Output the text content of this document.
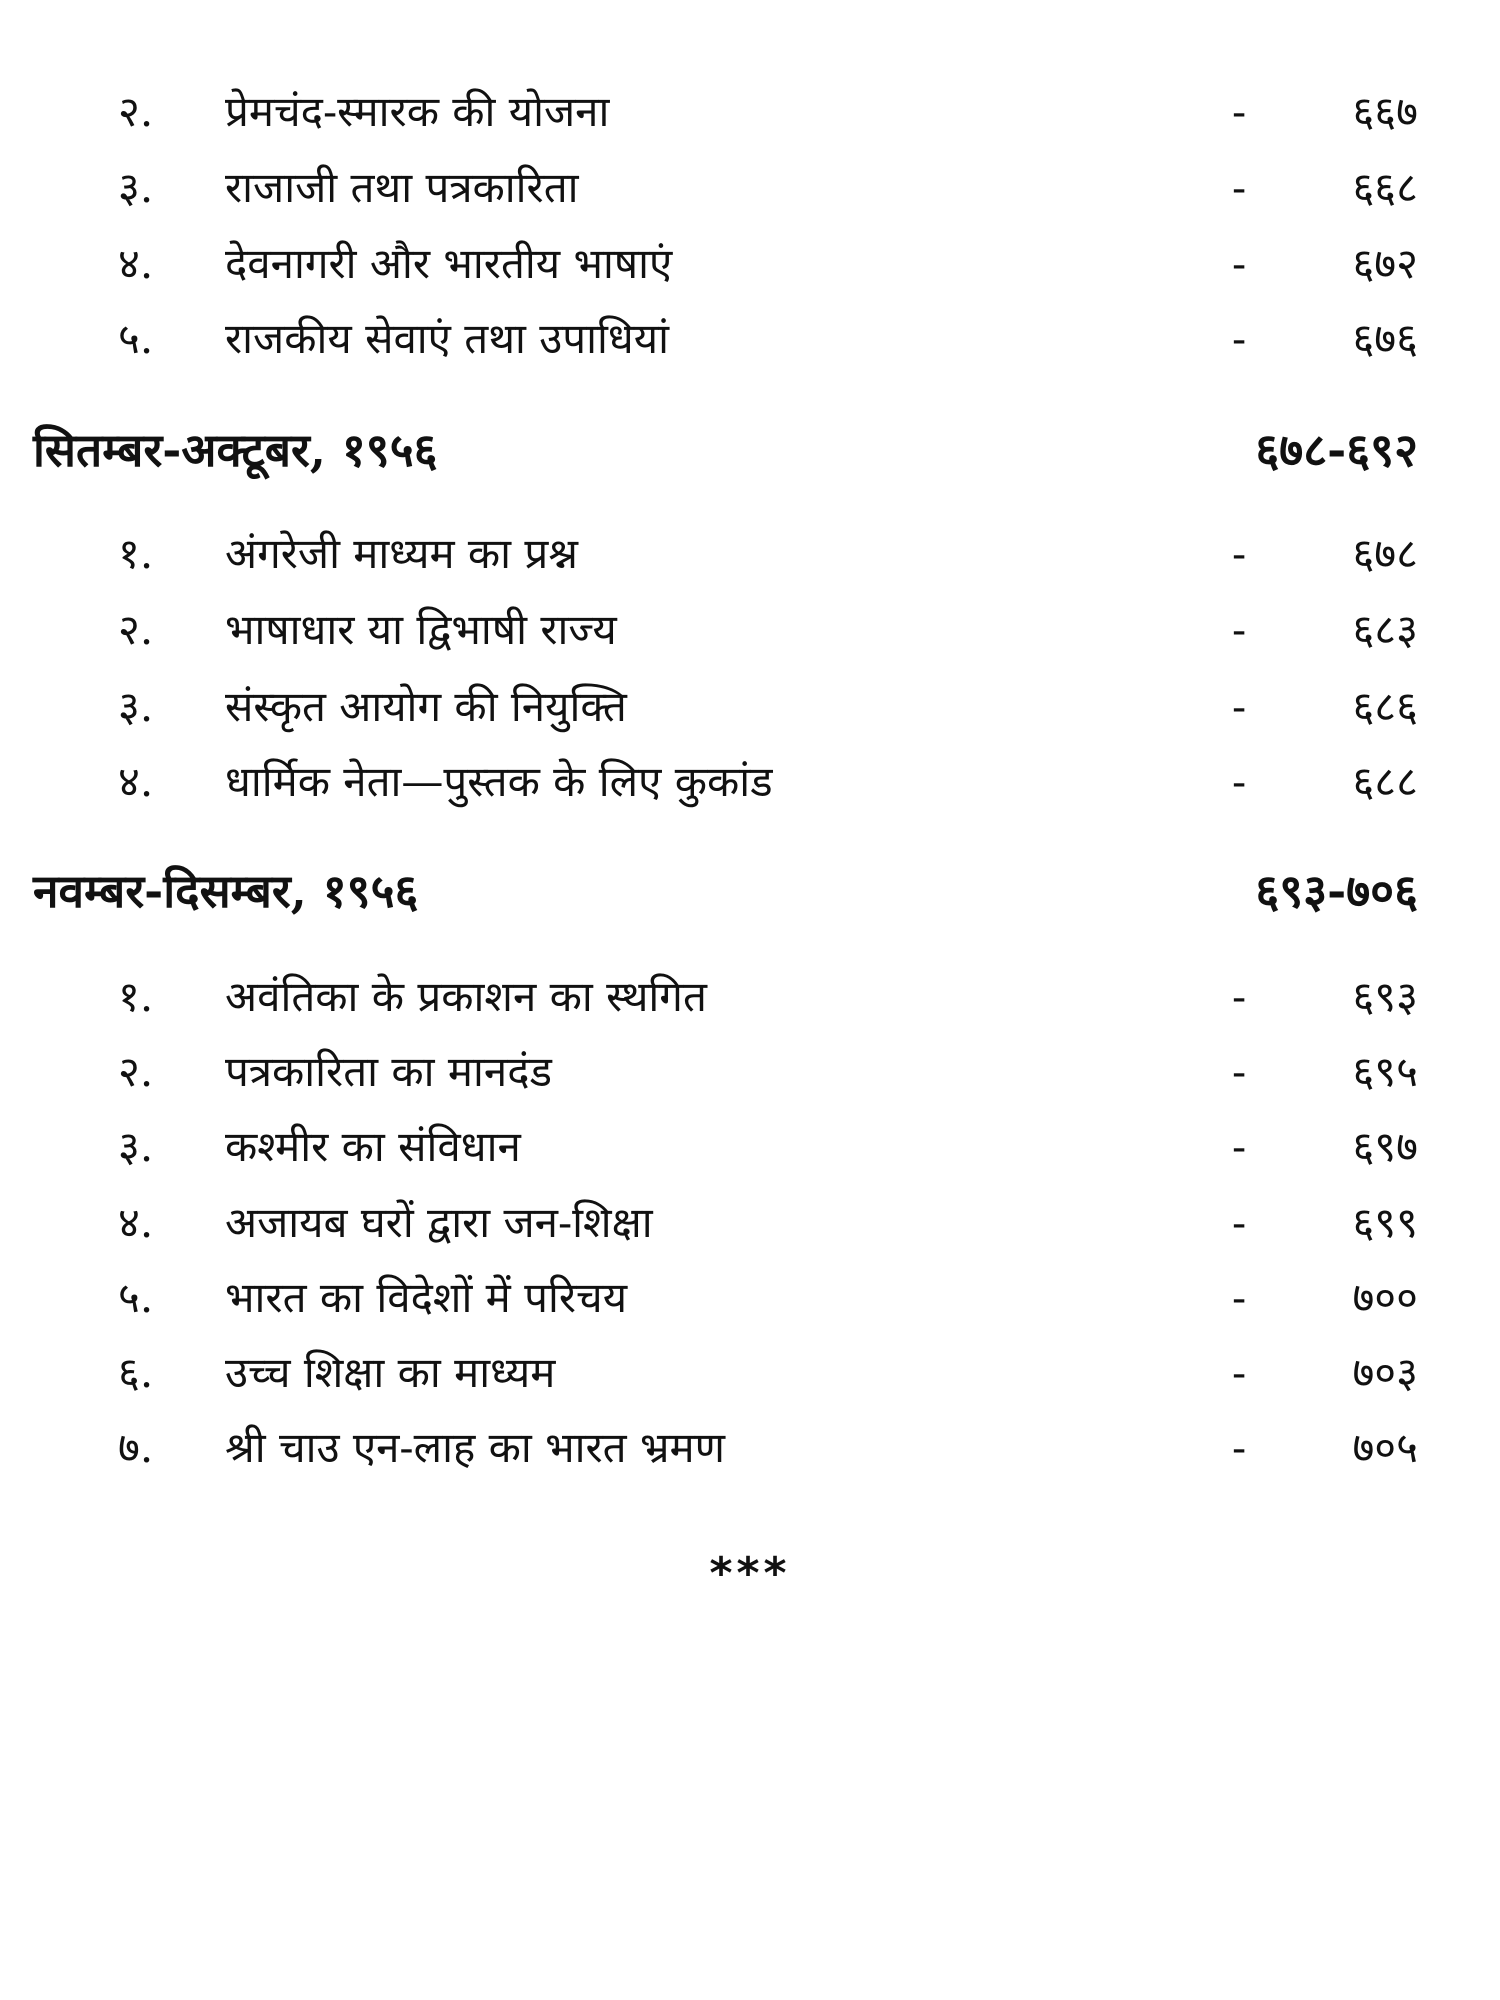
२.	प्रेमचंद-स्मारक की योजना	-	६६७
३.	राजाजी तथा पत्रकारिता	-	६६८
४.	देवनागरी और भारतीय भाषाएं	-	६७२
५.	राजकीय सेवाएं तथा उपाधियां	-	६७६
सितम्बर-अक्टूबर, १९५६	६७८-६९२
१.	अंगरेजी माध्यम का प्रश्न	-	६७८
२.	भाषाधार या द्विभाषी राज्य	-	६८३
३.	संस्कृत आयोग की नियुक्ति	-	६८६
४.	धार्मिक नेता—पुस्तक के लिए कुकांड	-	६८८
नवम्बर-दिसम्बर, १९५६	६९३-७०६
१.	अवंतिका के प्रकाशन का स्थगित	-	६९३
२.	पत्रकारिता का मानदंड	-	६९५
३.	कश्मीर का संविधान	-	६९७
४.	अजायब घरों द्वारा जन-शिक्षा	-	६९९
५.	भारत का विदेशों में परिचय	-	७००
६.	उच्च शिक्षा का माध्यम	-	७०३
७.	श्री चाउ एन-लाह का भारत भ्रमण	-	७०५
***
